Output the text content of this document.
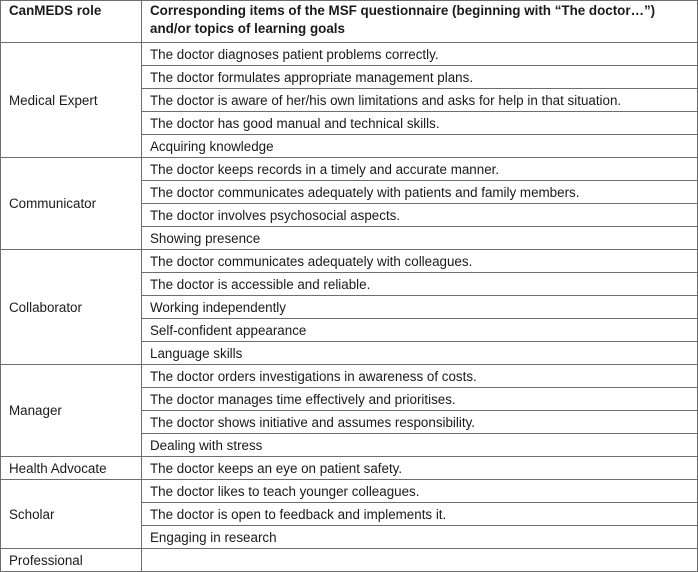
CanMEDS role	Corresponding items of the MSF questionnaire (beginning with “The doctor…”) and/or topics of learning goals
Medical Expert	The doctor diagnoses patient problems correctly.
	The doctor formulates appropriate management plans.
	The doctor is aware of her/his own limitations and asks for help in that situation.
	The doctor has good manual and technical skills.
	Acquiring knowledge
Communicator	The doctor keeps records in a timely and accurate manner.
	The doctor communicates adequately with patients and family members.
	The doctor involves psychosocial aspects.
	Showing presence
Collaborator	The doctor communicates adequately with colleagues.
	The doctor is accessible and reliable.
	Working independently
	Self-confident appearance
	Language skills
Manager	The doctor orders investigations in awareness of costs.
	The doctor manages time effectively and prioritises.
	The doctor shows initiative and assumes responsibility.
	Dealing with stress
Health Advocate	The doctor keeps an eye on patient safety.
Scholar	The doctor likes to teach younger colleagues.
	The doctor is open to feedback and implements it.
	Engaging in research
Professional	
